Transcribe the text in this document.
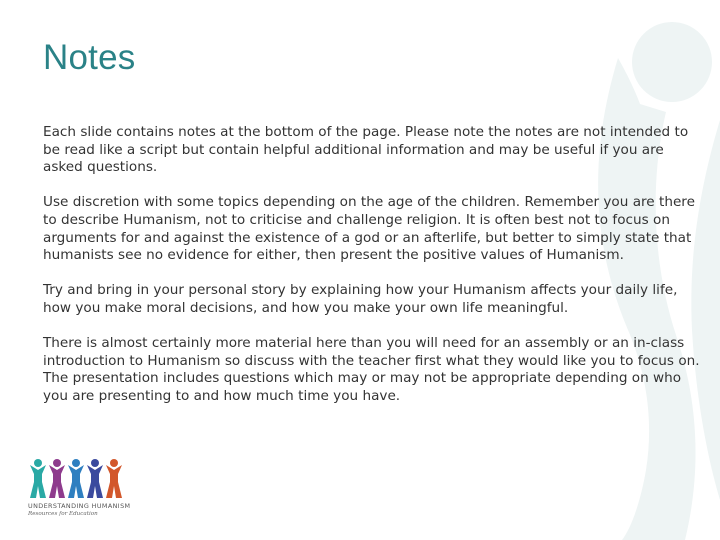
Notes

Each slide contains notes at the bottom of the page. Please note the notes are not intended to be read like a script but contain helpful additional information and may be useful if you are asked questions.

Use discretion with some topics depending on the age of the children. Remember you are there to describe Humanism, not to criticise and challenge religion. It is often best not to focus on arguments for and against the existence of a god or an afterlife, but better to simply state that humanists see no evidence for either, then present the positive values of Humanism.

Try and bring in your personal story by explaining how your Humanism affects your daily life, how you make moral decisions, and how you make your own life meaningful.

There is almost certainly more material here than you will need for an assembly or an in-class introduction to Humanism so discuss with the teacher first what they would like you to focus on. The presentation includes questions which may or may not be appropriate depending on who you are presenting to and how much time you have.

UNDERSTANDING HUMANISM
Resources for Education
